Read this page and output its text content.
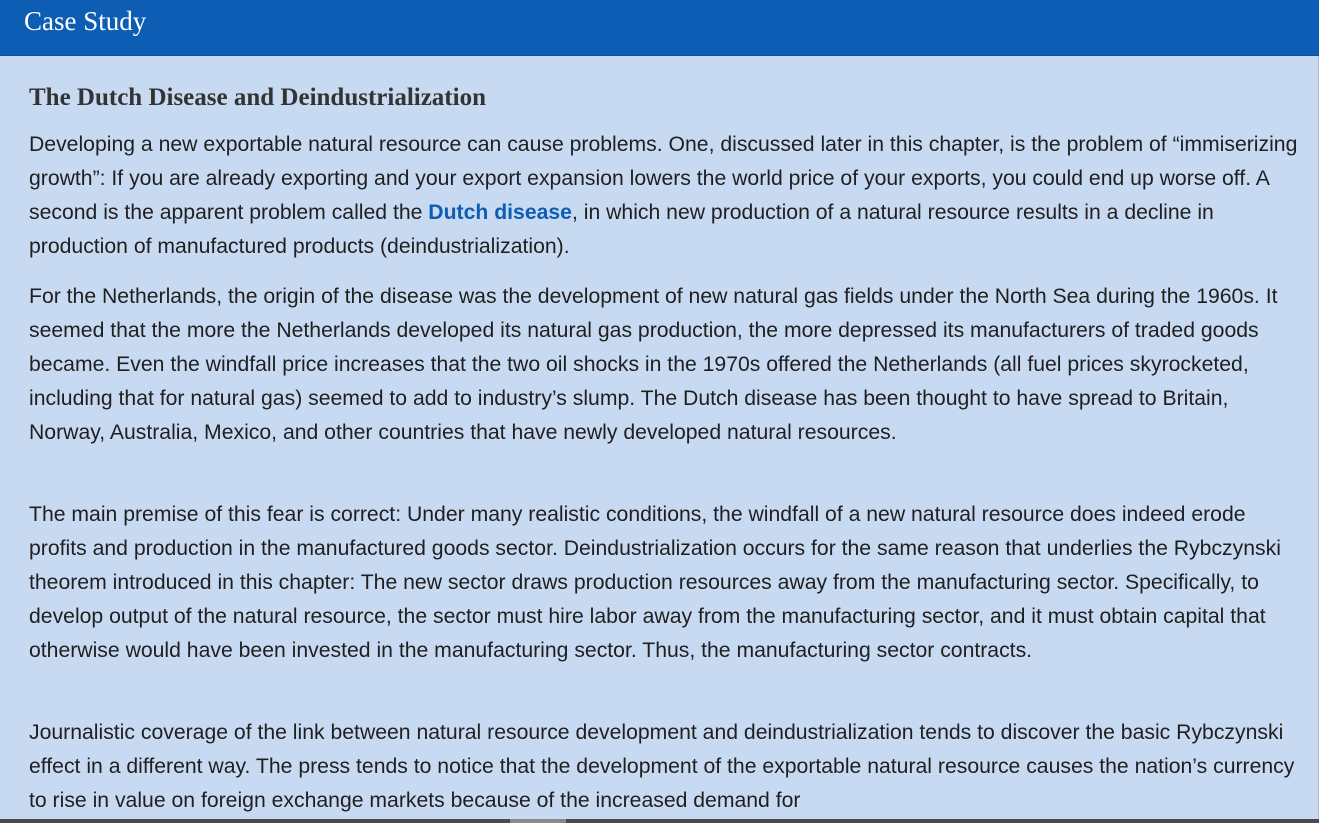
Case Study
The Dutch Disease and Deindustrialization

Developing a new exportable natural resource can cause problems. One, discussed later in this chapter, is the problem of “immiserizing growth”: If you are already exporting and your export expansion lowers the world price of your exports, you could end up worse off. A second is the apparent problem called the Dutch disease, in which new production of a natural resource results in a decline in production of manufactured products (deindustrialization).

For the Netherlands, the origin of the disease was the development of new natural gas fields under the North Sea during the 1960s. It seemed that the more the Netherlands developed its natural gas production, the more depressed its manufacturers of traded goods became. Even the windfall price increases that the two oil shocks in the 1970s offered the Netherlands (all fuel prices skyrocketed, including that for natural gas) seemed to add to industry’s slump. The Dutch disease has been thought to have spread to Britain, Norway, Australia, Mexico, and other countries that have newly developed natural resources.

The main premise of this fear is correct: Under many realistic conditions, the windfall of a new natural resource does indeed erode profits and production in the manufactured goods sector. Deindustrialization occurs for the same reason that underlies the Rybczynski theorem introduced in this chapter: The new sector draws production resources away from the manufacturing sector. Specifically, to develop output of the natural resource, the sector must hire labor away from the manufacturing sector, and it must obtain capital that otherwise would have been invested in the manufacturing sector. Thus, the manufacturing sector contracts.

Journalistic coverage of the link between natural resource development and deindustrialization tends to discover the basic Rybczynski effect in a different way. The press tends to notice that the development of the exportable natural resource causes the nation’s currency to rise in value on foreign exchange markets because of the increased demand for
